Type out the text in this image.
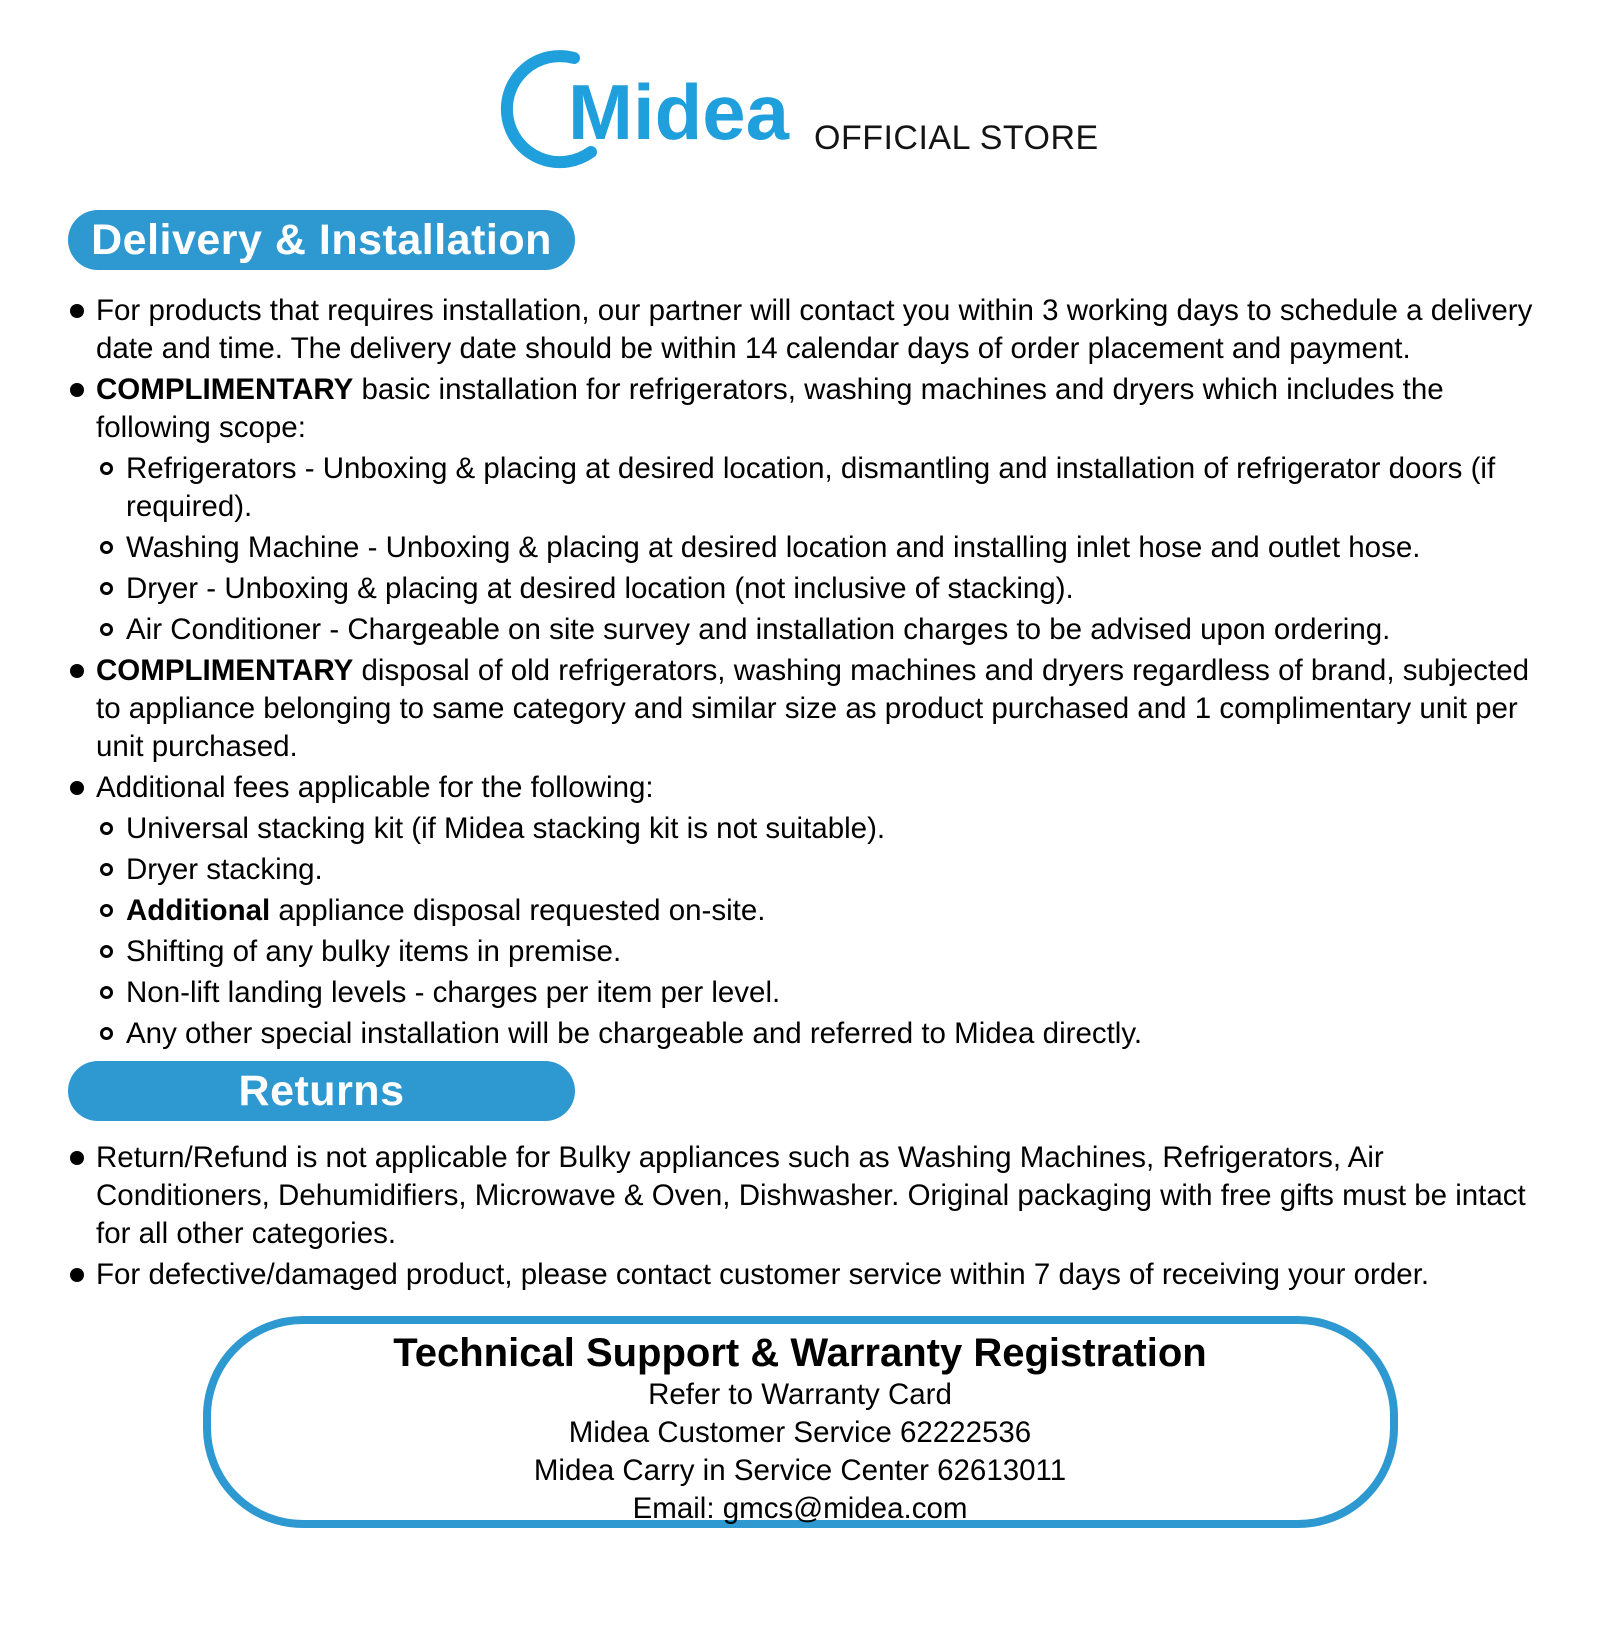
Midea OFFICIAL STORE
Delivery & Installation
For products that requires installation, our partner will contact you within 3 working days to schedule a delivery date and time. The delivery date should be within 14 calendar days of order placement and payment.
COMPLIMENTARY basic installation for refrigerators, washing machines and dryers which includes the following scope:
Refrigerators - Unboxing & placing at desired location, dismantling and installation of refrigerator doors (if required).
Washing Machine - Unboxing & placing at desired location and installing inlet hose and outlet hose.
Dryer - Unboxing & placing at desired location (not inclusive of stacking).
Air Conditioner - Chargeable on site survey and installation charges to be advised upon ordering.
COMPLIMENTARY disposal of old refrigerators, washing machines and dryers regardless of brand, subjected to appliance belonging to same category and similar size as product purchased and 1 complimentary unit per unit purchased.
Additional fees applicable for the following:
Universal stacking kit (if Midea stacking kit is not suitable).
Dryer stacking.
Additional appliance disposal requested on-site.
Shifting of any bulky items in premise.
Non-lift landing levels - charges per item per level.
Any other special installation will be chargeable and referred to Midea directly.
Returns
Return/Refund is not applicable for Bulky appliances such as Washing Machines, Refrigerators, Air Conditioners, Dehumidifiers, Microwave & Oven, Dishwasher. Original packaging with free gifts must be intact for all other categories.
For defective/damaged product, please contact customer service within 7 days of receiving your order.
Technical Support & Warranty Registration
Refer to Warranty Card
Midea Customer Service 62222536
Midea Carry in Service Center 62613011
Email: gmcs@midea.com
